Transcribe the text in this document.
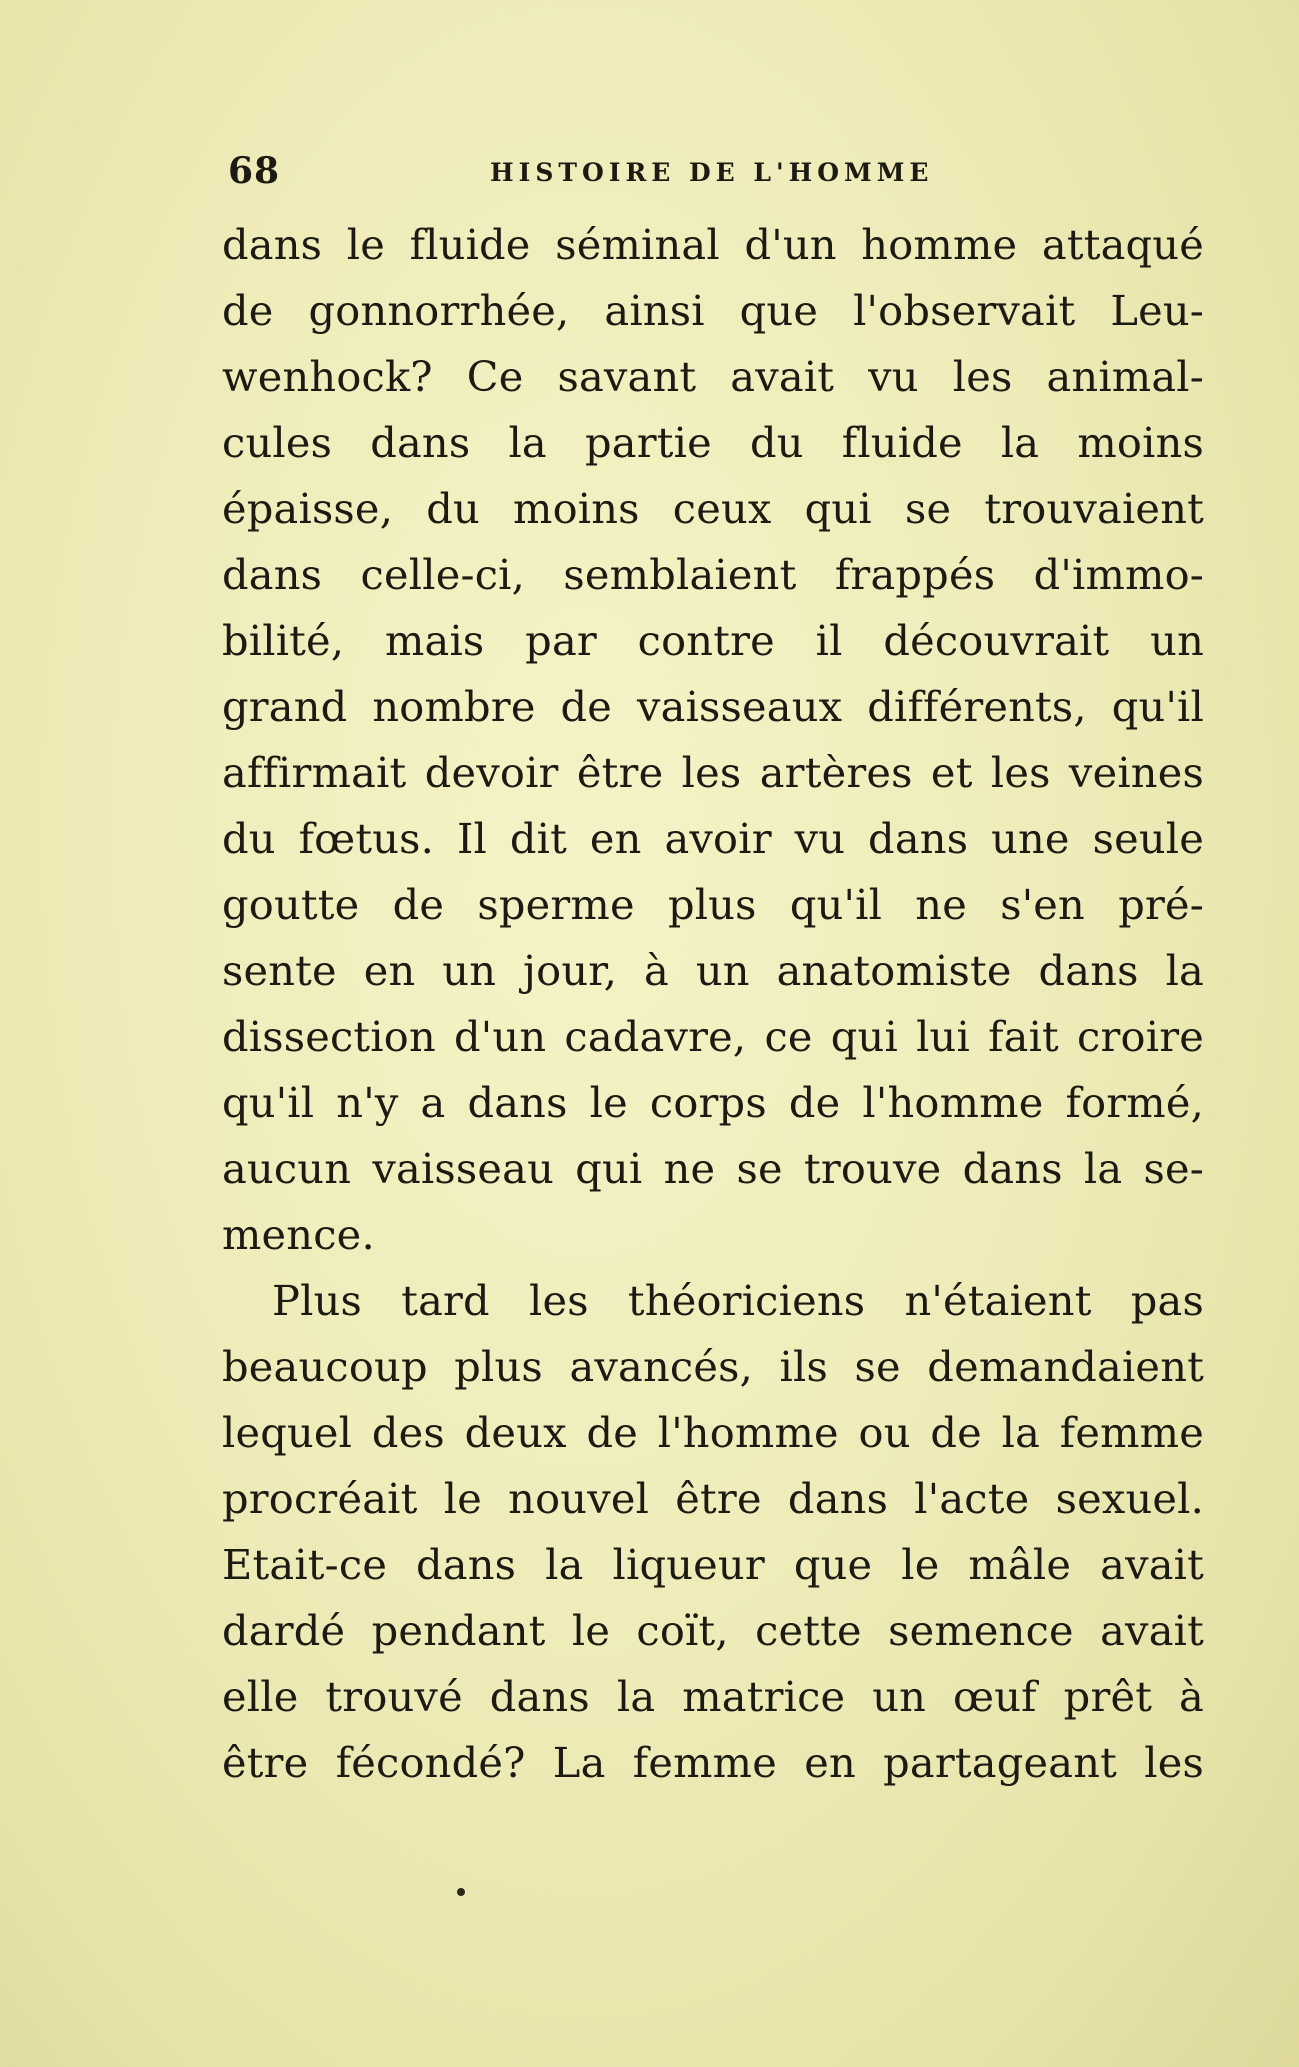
68	HISTOIRE DE L'HOMME
dans le fluide séminal d'un homme attaqué
de gonnorrhée, ainsi que l'observait Leu-
wenhock? Ce savant avait vu les animal-
cules dans la partie du fluide la moins
épaisse, du moins ceux qui se trouvaient
dans celle-ci, semblaient frappés d'immo-
bilité, mais par contre il découvrait un
grand nombre de vaisseaux différents, qu'il
affirmait devoir être les artères et les veines
du fœtus. Il dit en avoir vu dans une seule
goutte de sperme plus qu'il ne s'en pré-
sente en un jour, à un anatomiste dans la
dissection d'un cadavre, ce qui lui fait croire
qu'il n'y a dans le corps de l'homme formé,
aucun vaisseau qui ne se trouve dans la se-
mence.
Plus tard les théoriciens n'étaient pas
beaucoup plus avancés, ils se demandaient
lequel des deux de l'homme ou de la femme
procréait le nouvel être dans l'acte sexuel.
Etait-ce dans la liqueur que le mâle avait
dardé pendant le coït, cette semence avait
elle trouvé dans la matrice un œuf prêt à
être fécondé? La femme en partageant les
